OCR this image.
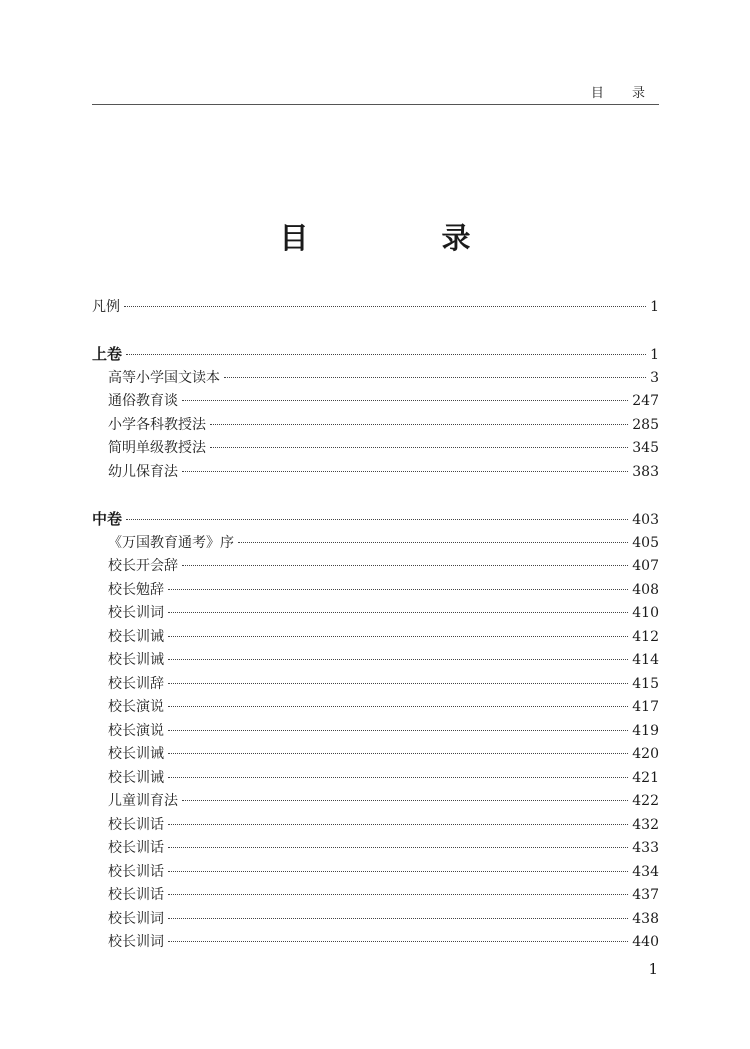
目 录
目　录
凡例	1
上卷	1
高等小学国文读本	3
通俗教育谈	247
小学各科教授法	285
简明单级教授法	345
幼儿保育法	383
中卷	403
《万国教育通考》序	405
校长开会辞	407
校长勉辞	408
校长训词	410
校长训诫	412
校长训诫	414
校长训辞	415
校长演说	417
校长演说	419
校长训诫	420
校长训诫	421
儿童训育法	422
校长训话	432
校长训话	433
校长训话	434
校长训话	437
校长训词	438
校长训词	440
1
